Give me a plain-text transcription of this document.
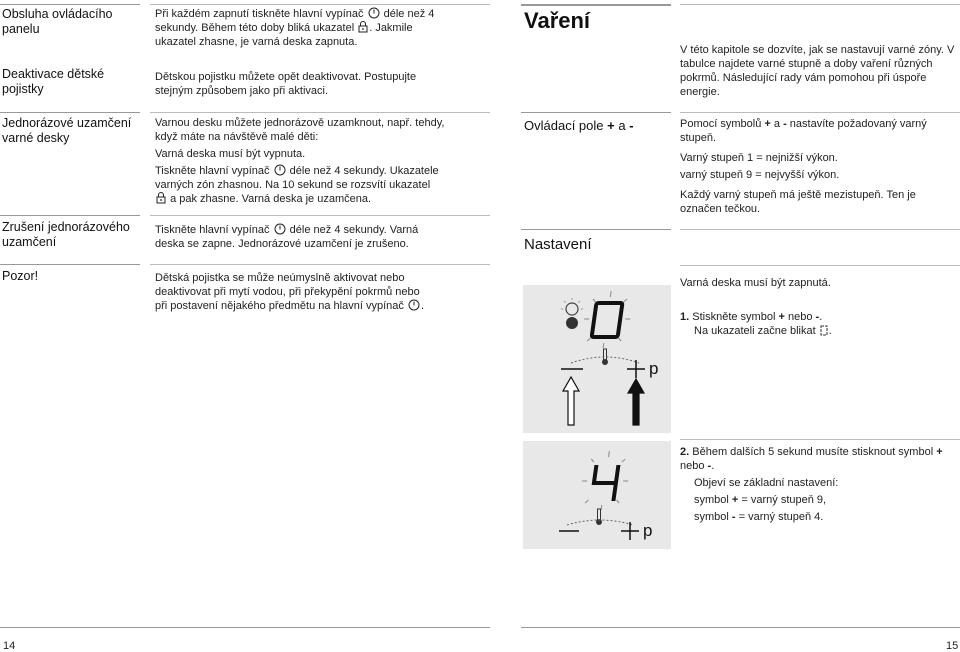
Obsluha ovládacího panelu
Při každém zapnutí tiskněte hlavní vypínač déle než 4 sekundy. Během této doby bliká ukazatel . Jakmile ukazatel zhasne, je varná deska zapnuta.
Deaktivace dětské pojistky
Dětskou pojistku můžete opět deaktivovat. Postupujte stejným způsobem jako při aktivaci.
Jednorázové uzamčení varné desky

Varnou desku můžete jednorázově uzamknout, např. tehdy, když máte na návštěvě malé děti:

Varná deska musí být vypnuta.

Tiskněte hlavní vypínač déle než 4 sekundy. Ukazatele varných zón zhasnou. Na 10 sekund se rozsvítí ukazatel  a pak zhasne. Varná deska je uzamčena.

Zrušení jednorázového uzamčení
Tiskněte hlavní vypínač déle než 4 sekundy. Varná deska se zapne. Jednorázové uzamčení je zrušeno.
Pozor!	Dětská pojistka se může neúmyslně aktivovat nebo deaktivovat při mytí vodou, při překypění pokrmů nebo při postavení nějakého předmětu na hlavní vypínač .
14
Vaření
V této kapitole se dozvíte, jak se nastavují varné zóny. V tabulce najdete varné stupně a doby vaření různých pokrmů. Následující rady vám pomohou při úspoře energie.
Ovládací pole + a -	Pomocí symbolů + a - nastavíte požadovaný varný stupeň.

Varný stupeň 1 = nejnižší výkon.

varný stupeň 9 = nejvyšší výkon.

Každý varný stupeň má ještě mezistupeň. Ten je označen tečkou.

Nastavení
Varná deska musí být zapnutá.

1. Stiskněte symbol + nebo -.

Na ukazateli začne blikat .

p

2. Během dalších 5 sekund musíte stisknout symbol + nebo -.

Objeví se základní nastavení:

symbol + = varný stupeň 9,

symbol - = varný stupeň 4.

p
15
